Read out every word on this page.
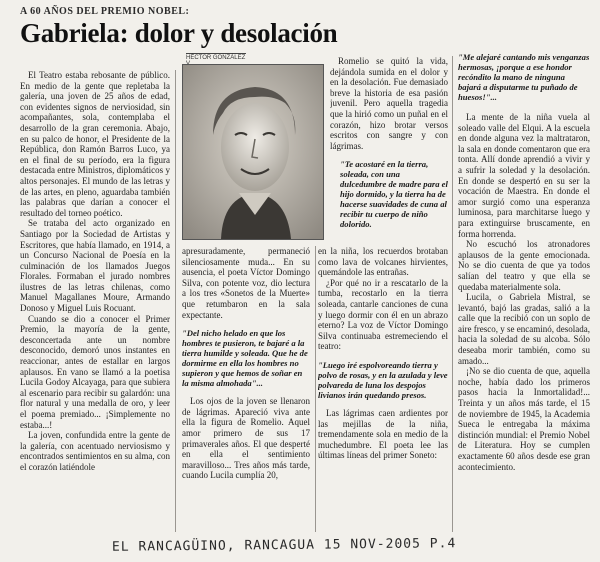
A 60 AÑOS DEL PREMIO NOBEL:
Gabriela: dolor y desolación
HÉCTOR GONZÁLEZ

El Teatro estaba rebosante de público. En medio de la gente que repletaba la galería, una joven de 25 años de edad, con evidentes signos de nerviosidad, sin acompañantes, sola, contemplaba el desarrollo de la gran ceremonia. Abajo, en su palco de honor, el Presidente de la República, don Ramón Barros Luco, ya en el final de su período, era la figura destacada entre Ministros, diplomáticos y altos personajes. El mundo de las letras y de las artes, en pleno, aguardaba también las palabras que darían a conocer el resultado del torneo poético.

Se trataba del acto organizado en Santiago por la Sociedad de Artistas y Escritores, que había llamado, en 1914, a un Concurso Nacional de Poesía en la culminación de los llamados Juegos Florales. Formaban el jurado nombres ilustres de las letras chilenas, como Manuel Magallanes Moure, Armando Donoso y Miguel Luis Rocuant.

Cuando se dio a conocer el Primer Premio, la mayoría de la gente, desconcertada ante un nombre desconocido, demoró unos instantes en reaccionar, antes de estallar en largos aplausos. En vano se llamó a la poetisa Lucila Godoy Alcayaga, para que subiera al escenario para recibir su galardón: una flor natural y una medalla de oro, y leer el poema premiado... ¡Simplemente no estaba...!

La joven, confundida entre la gente de la galería, con acentuado nerviosismo y encontrados sentimientos en su alma, con el corazón latiéndole

apresuradamente, permaneció silenciosamente muda... En su ausencia, el poeta Víctor Domingo Silva, con potente voz, dio lectura a los tres «Sonetos de la Muerte» que retumbaron en la sala expectante.

"Del nicho helado en que los hombres te pusieron, te bajaré a la tierra humilde y soleada. Que he de dormirme en ella los hombres no supieron y que hemos de soñar en la misma almohada"...

Los ojos de la joven se llenaron de lágrimas. Apareció viva ante ella la figura de Romelio. Aquel amor primero de sus 17 primaverales años. El que desperté en ella el sentimiento maravilloso... Tres años más tarde, cuando Lucila cumplía 20,

Romelio se quitó la vida, dejándola sumida en el dolor y en la desolación. Fue demasiado breve la historia de esa pasión juvenil. Pero aquella tragedia que la hirió como un puñal en el corazón, hizo brotar versos escritos con sangre y con lágrimas.

"Te acostaré en la tierra, soleada, con una dulcedumbre de madre para el hijo dormido, y la tierra ha de hacerse suavidades de cuna al recibir tu cuerpo de niño dolorido.

en la niña, los recuerdos brotaban como lava de volcanes hirvientes, quemándole las entrañas.

¿Por qué no ir a rescatarlo de la tumba, recostarlo en la tierra soleada, cantarle canciones de cuna y luego dormir con él en un abrazo eterno? La voz de Víctor Domingo Silva continuaba estremeciendo el teatro:

"Luego iré espolvoreando tierra y polvo de rosas, y en la azulada y leve polvareda de luna los despojos livianos irán quedando presos.

Las lágrimas caen ardientes por las mejillas de la niña, tremendamente sola en medio de la muchedumbre. El poeta lee las últimas líneas del primer Soneto:

"Me alejaré cantando mis venganzas hermosas, ¡porque a ese hondor recóndito la mano de ninguna bajará a disputarme tu puñado de huesos!"...

La mente de la niña vuela al soleado valle del Elqui. A la escuela en donde alguna vez la maltrataron, la sala en donde comentaron que era tonta. Allí donde aprendió a vivir y a sufrir la soledad y la desolación. En donde se despertó en su ser la vocación de Maestra. En donde el amor surgió como una esperanza luminosa, para marchitarse luego y para extinguirse bruscamente, en forma horrenda.

No escuchó los atronadores aplausos de la gente emocionada. No se dio cuenta de que ya todos salían del teatro y que ella se quedaba materialmente sola.

Lucila, o Gabriela Mistral, se levantó, bajó las gradas, salió a la calle que la recibió con un soplo de aire fresco, y se encaminó, desolada, hacia la soledad de su alcoba. Sólo deseaba morir también, como su amado...

¡No se dio cuenta de que, aquella noche, había dado los primeros pasos hacia la Inmortalidad!... Treinta y un años más tarde, el 15 de noviembre de 1945, la Academia Sueca le entregaba la máxima distinción mundial: el Premio Nobel de Literatura. Hoy se cumplen exactamente 60 años desde ese gran acontecimiento.

EL RANCAGÜINO, RANCAGUA 15 NOV-2005 P.4
